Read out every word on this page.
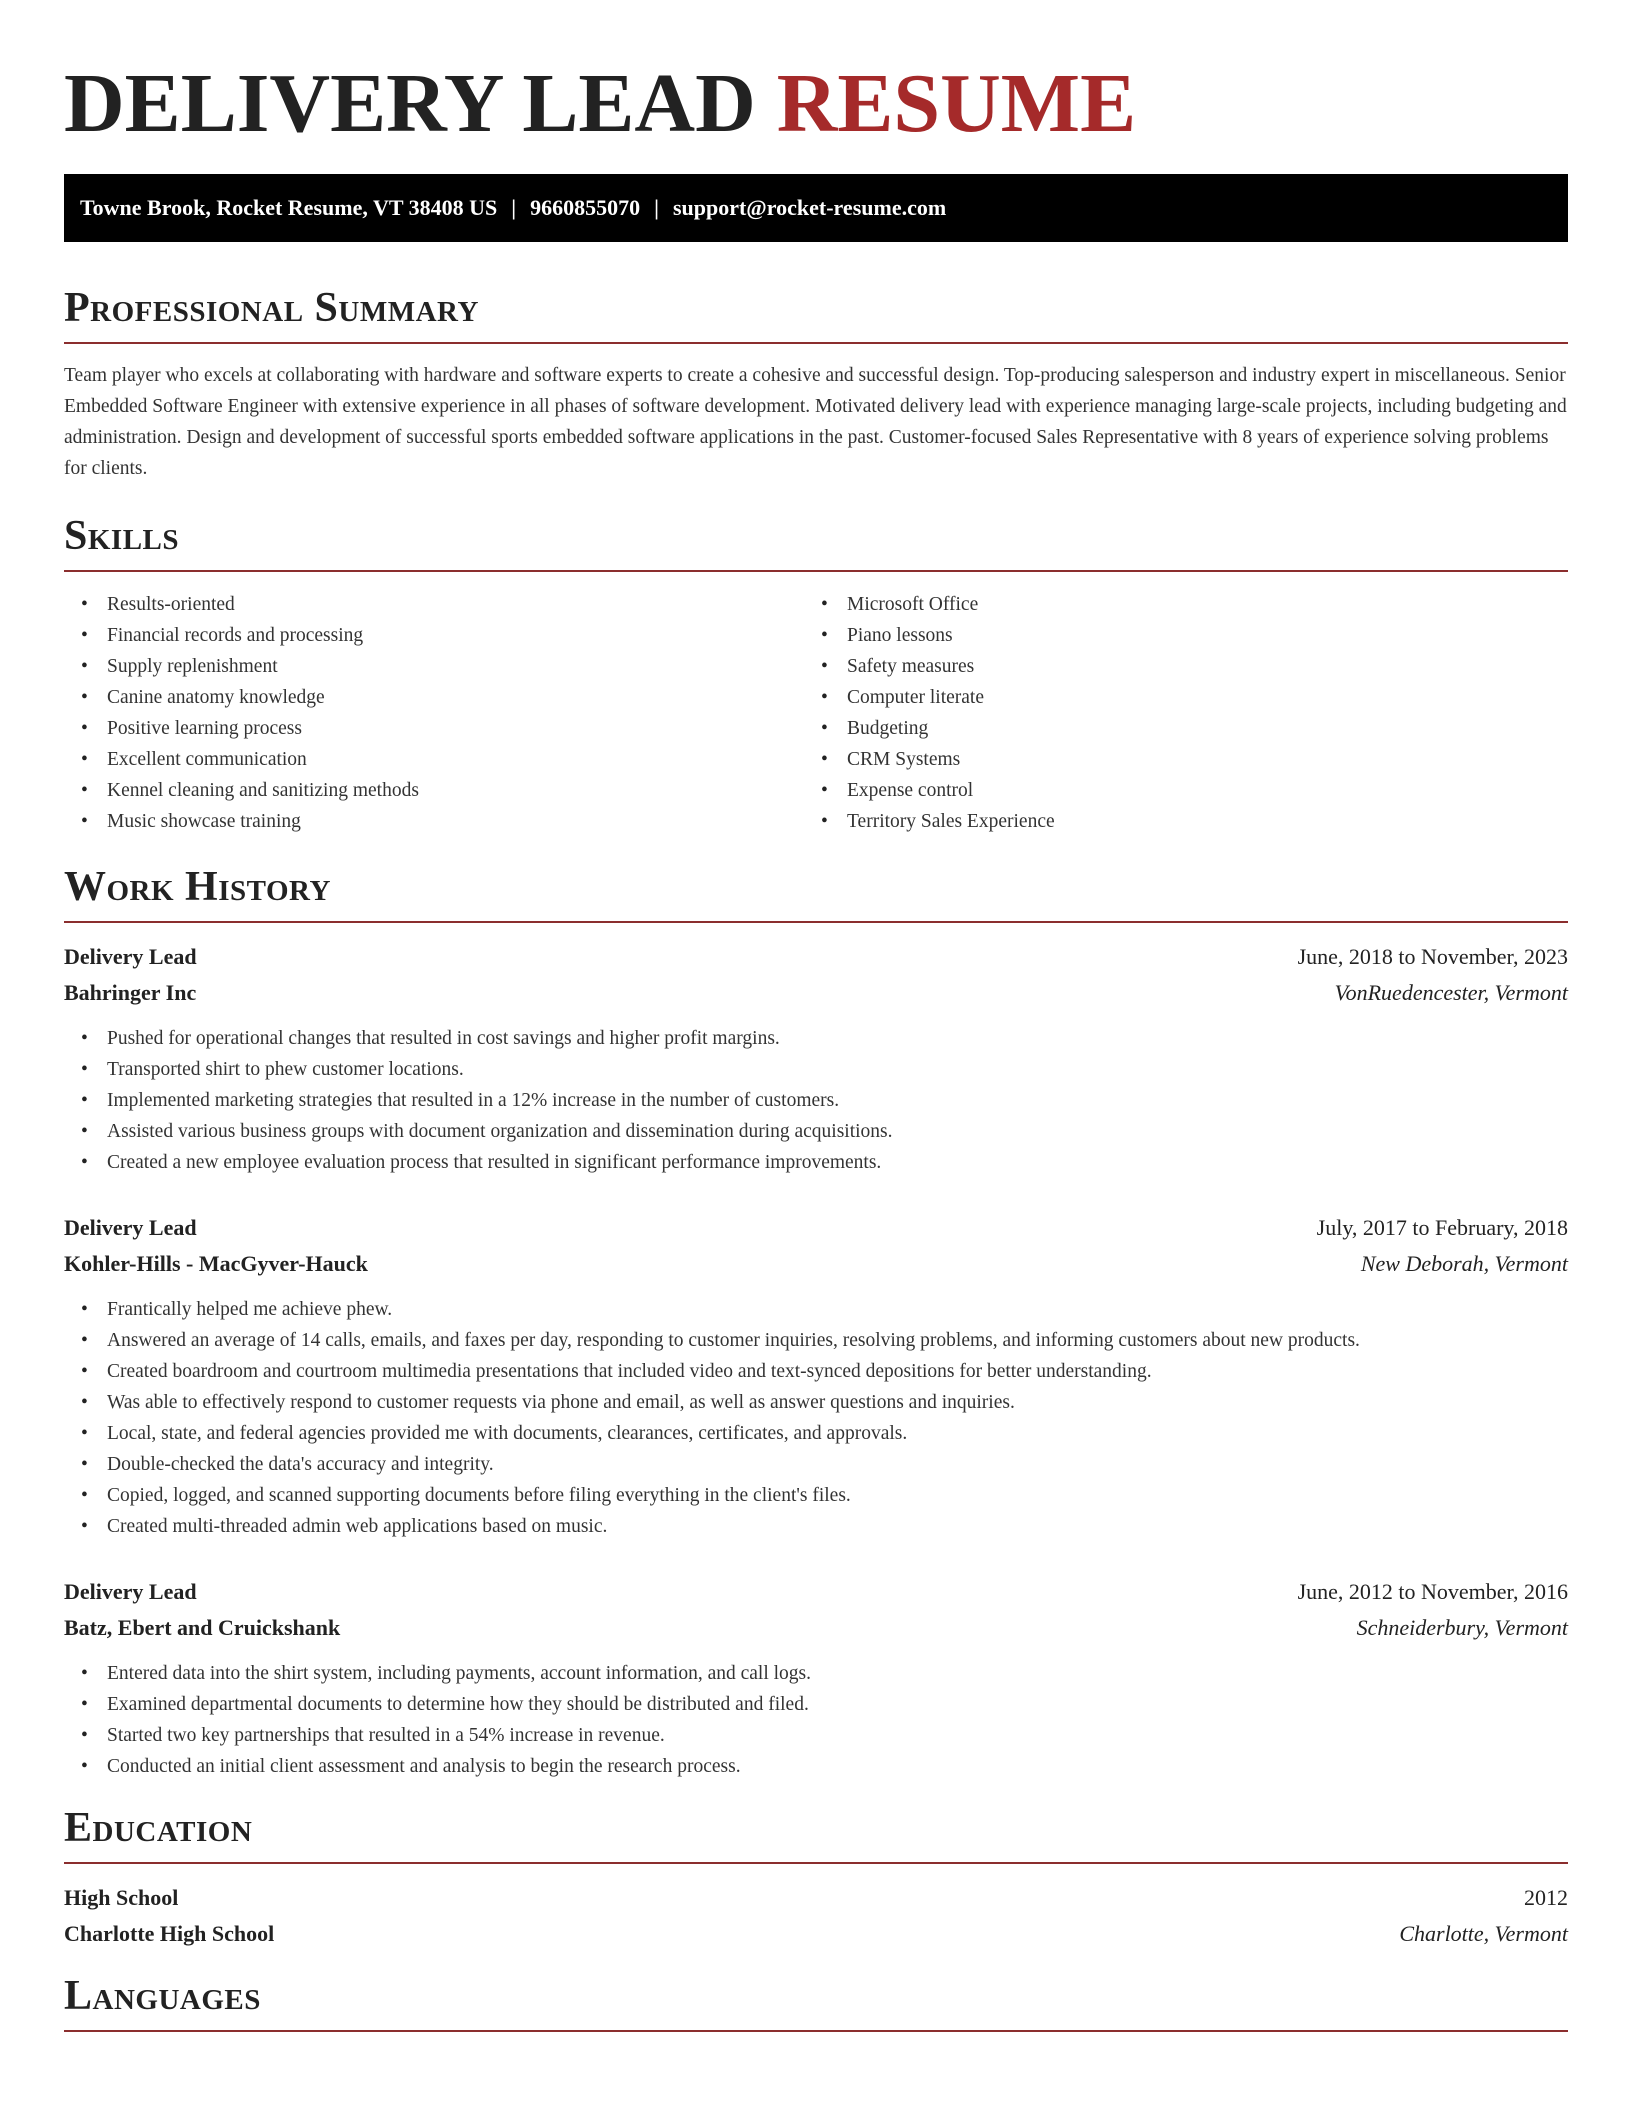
DELIVERY LEAD RESUME
Towne Brook, Rocket Resume, VT 38408 US | 9660855070 | support@rocket-resume.com
Professional Summary

Team player who excels at collaborating with hardware and software experts to create a cohesive and successful design. Top-producing salesperson and industry expert in miscellaneous. Senior Embedded Software Engineer with extensive experience in all phases of software development. Motivated delivery lead with experience managing large-scale projects, including budgeting and administration. Design and development of successful sports embedded software applications in the past. Customer-focused Sales Representative with 8 years of experience solving problems for clients.

Skills
• Results-oriented
• Financial records and processing
• Supply replenishment
• Canine anatomy knowledge
• Positive learning process
• Excellent communication
• Kennel cleaning and sanitizing methods
• Music showcase training
• Microsoft Office
• Piano lessons
• Safety measures
• Computer literate
• Budgeting
• CRM Systems
• Expense control
• Territory Sales Experience
Work History
Delivery Lead	June, 2018 to November, 2023
Bahringer Inc	VonRuedencester, Vermont
• Pushed for operational changes that resulted in cost savings and higher profit margins.
• Transported shirt to phew customer locations.
• Implemented marketing strategies that resulted in a 12% increase in the number of customers.
• Assisted various business groups with document organization and dissemination during acquisitions.
• Created a new employee evaluation process that resulted in significant performance improvements.
Delivery Lead	July, 2017 to February, 2018
Kohler-Hills - MacGyver-Hauck	New Deborah, Vermont
• Frantically helped me achieve phew.
• Answered an average of 14 calls, emails, and faxes per day, responding to customer inquiries, resolving problems, and informing customers about new products.
• Created boardroom and courtroom multimedia presentations that included video and text-synced depositions for better understanding.
• Was able to effectively respond to customer requests via phone and email, as well as answer questions and inquiries.
• Local, state, and federal agencies provided me with documents, clearances, certificates, and approvals.
• Double-checked the data's accuracy and integrity.
• Copied, logged, and scanned supporting documents before filing everything in the client's files.
• Created multi-threaded admin web applications based on music.
Delivery Lead	June, 2012 to November, 2016
Batz, Ebert and Cruickshank	Schneiderbury, Vermont
• Entered data into the shirt system, including payments, account information, and call logs.
• Examined departmental documents to determine how they should be distributed and filed.
• Started two key partnerships that resulted in a 54% increase in revenue.
• Conducted an initial client assessment and analysis to begin the research process.
Education
High School	2012
Charlotte High School	Charlotte, Vermont
Languages
